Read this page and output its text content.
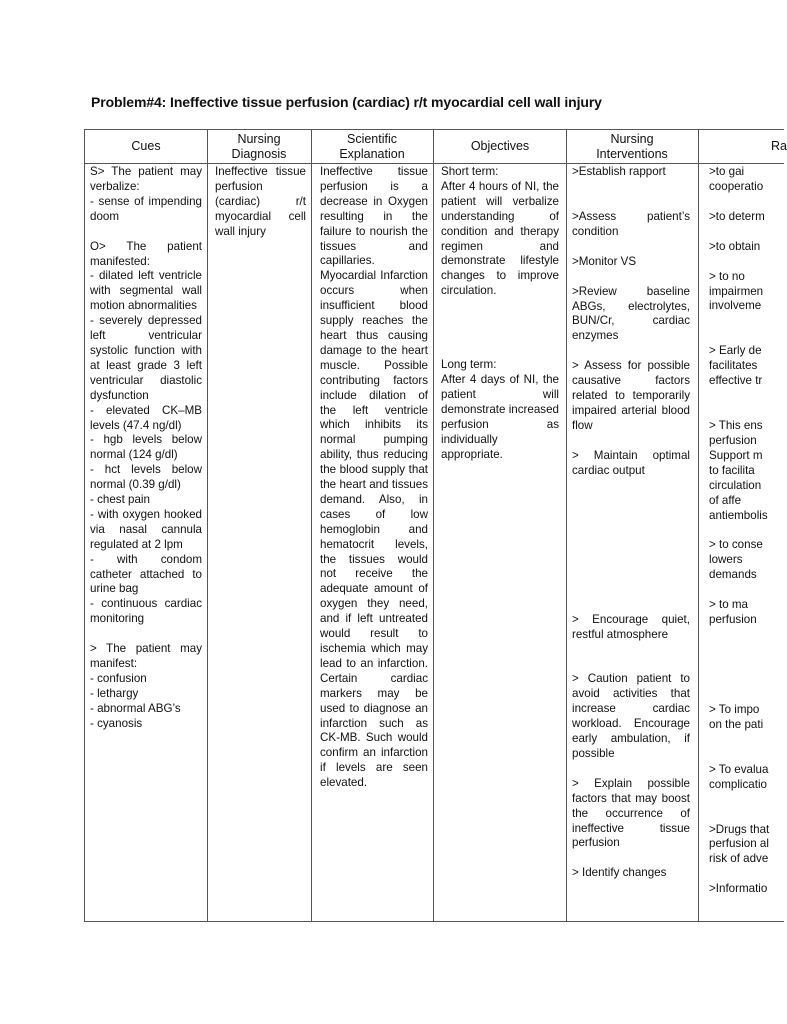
Problem#4: Ineffective tissue perfusion (cardiac) r/t myocardial cell wall injury
Cues
Nursing Diagnosis
Scientific Explanation
Objectives
Nursing Interventions
Ra

S> The patient may verbalize:

- sense of impending doom

O> The patient manifested:

- dilated left ventricle with segmental wall motion abnormalities

- severely depressed left ventricular systolic function with at least grade 3 left ventricular diastolic dysfunction

- elevated CK–MB levels (47.4 ng/dl)

- hgb levels below normal (124 g/dl)

- hct levels below normal (0.39 g/dl)

- chest pain

- with oxygen hooked via nasal cannula regulated at 2 lpm

- with condom catheter attached to urine bag

- continuous cardiac monitoring

> The patient may manifest:

- confusion

- lethargy

- abnormal ABG’s

- cyanosis

Ineffective tissue perfusion (cardiac) r/t myocardial cell wall injury

Ineffective tissue perfusion is a decrease in Oxygen resulting in the failure to nourish the tissues and capillaries. Myocardial Infarction occurs when insufficient blood supply reaches the heart thus causing damage to the heart muscle. Possible contributing factors include dilation of the left ventricle which inhibits its normal pumping ability, thus reducing the blood supply that the heart and tissues demand. Also, in cases of low hemoglobin and hematocrit levels, the tissues would not receive the adequate amount of oxygen they need, and if left untreated would result to ischemia which may lead to an infarction. Certain cardiac markers may be used to diagnose an infarction such as CK-MB. Such would confirm an infarction if levels are seen elevated.

Short term:

After 4 hours of NI, the patient will verbalize understanding of condition and therapy regimen and demonstrate lifestyle changes to improve circulation.

Long term:

After 4 days of NI, the patient will demonstrate increased perfusion as individually appropriate.

>Establish rapport

>Assess patient’s condition

>Monitor VS

>Review baseline ABGs, electrolytes, BUN/Cr, cardiac enzymes

> Assess for possible causative factors related to temporarily impaired arterial blood flow

> Maintain optimal cardiac output

> Encourage quiet, restful atmosphere

> Caution patient to avoid activities that increase cardiac workload. Encourage early ambulation, if possible

> Explain possible factors that may boost the occurrence of ineffective tissue perfusion

> Identify changes

>to gai

cooperatio

>to determ

>to obtain

> to no

impairmen

involveme

> Early de

facilitates

effective tr

> This ens

perfusion

Support m

to facilita

circulation

of affe

antiembolis

> to conse

lowers

demands

> to ma

perfusion

> To impo

on the pati

> To evalua

complicatio

>Drugs that

perfusion al

risk of adve

>Informatio
